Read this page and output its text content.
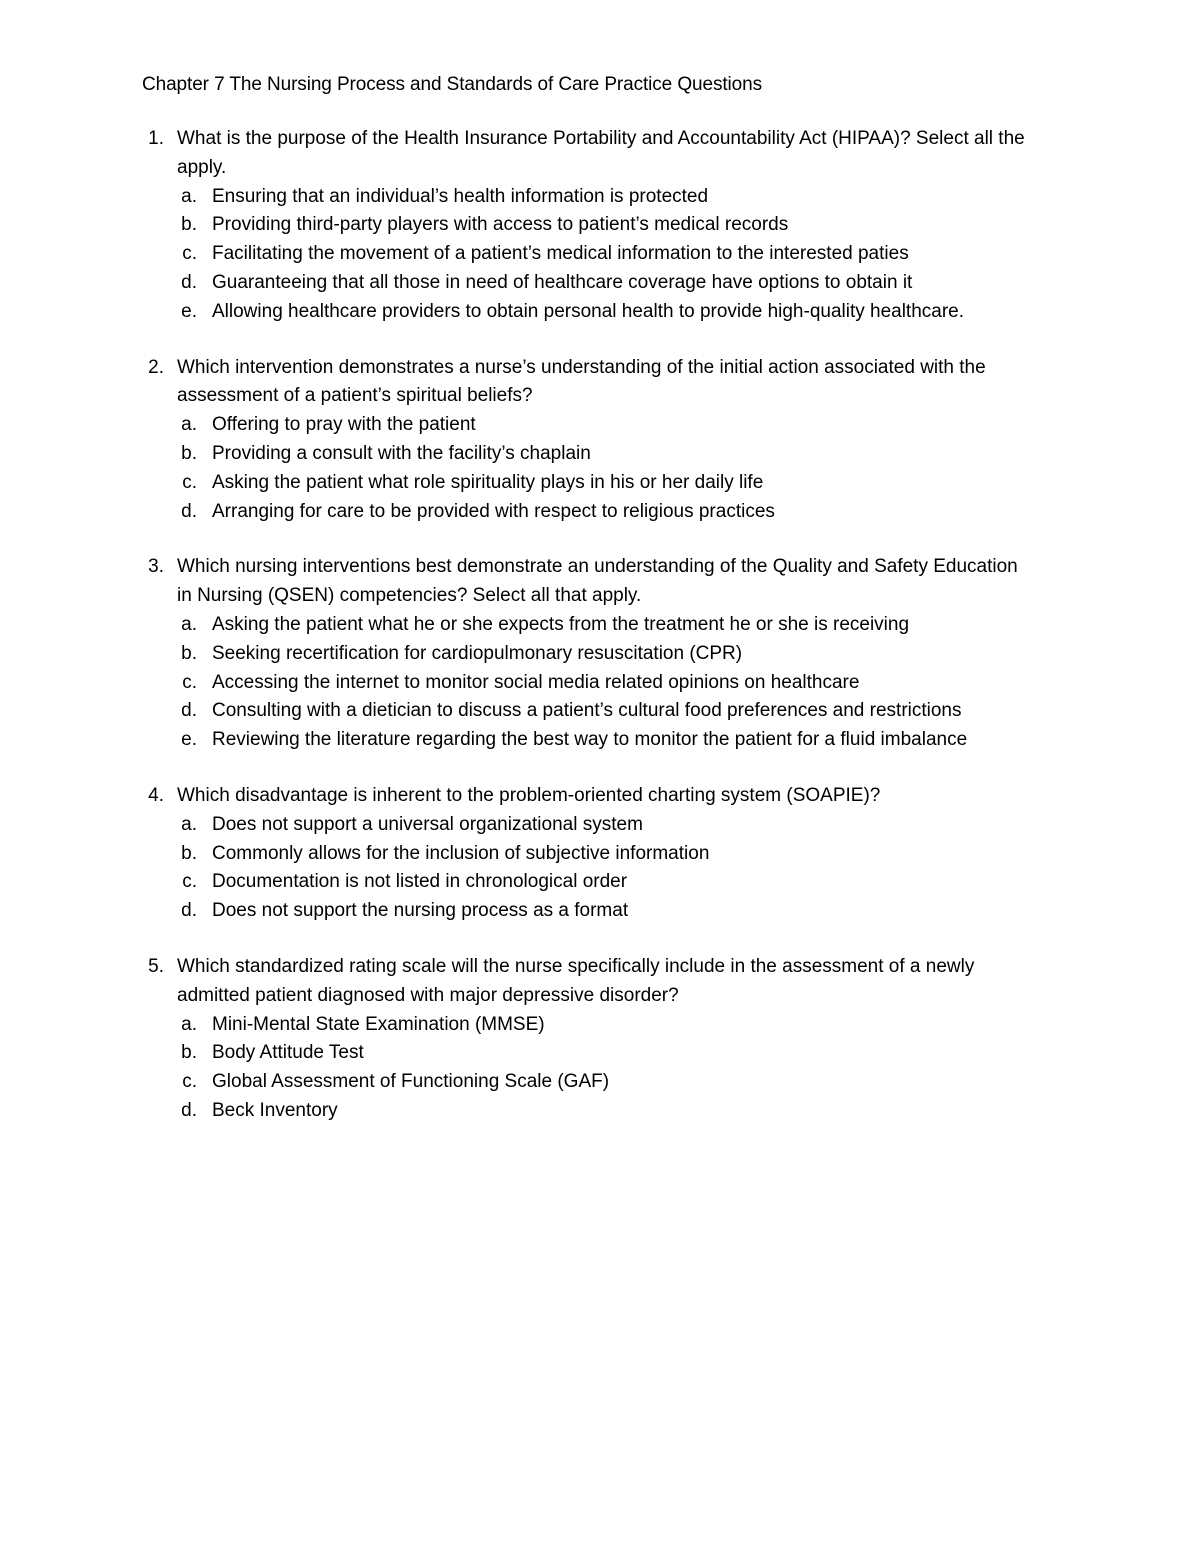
Chapter 7 The Nursing Process and Standards of Care Practice Questions
1. What is the purpose of the Health Insurance Portability and Accountability Act (HIPAA)? Select all the apply.
a. Ensuring that an individual’s health information is protected
b. Providing third-party players with access to patient’s medical records
c. Facilitating the movement of a patient’s medical information to the interested paties
d. Guaranteeing that all those in need of healthcare coverage have options to obtain it
e. Allowing healthcare providers to obtain personal health to provide high-quality healthcare.
2. Which intervention demonstrates a nurse’s understanding of the initial action associated with the assessment of a patient’s spiritual beliefs?
a. Offering to pray with the patient
b. Providing a consult with the facility’s chaplain
c. Asking the patient what role spirituality plays in his or her daily life
d. Arranging for care to be provided with respect to religious practices
3. Which nursing interventions best demonstrate an understanding of the Quality and Safety Education in Nursing (QSEN) competencies? Select all that apply.
a. Asking the patient what he or she expects from the treatment he or she is receiving
b. Seeking recertification for cardiopulmonary resuscitation (CPR)
c. Accessing the internet to monitor social media related opinions on healthcare
d. Consulting with a dietician to discuss a patient’s cultural food preferences and restrictions
e. Reviewing the literature regarding the best way to monitor the patient for a fluid imbalance
4. Which disadvantage is inherent to the problem-oriented charting system (SOAPIE)?
a. Does not support a universal organizational system
b. Commonly allows for the inclusion of subjective information
c. Documentation is not listed in chronological order
d. Does not support the nursing process as a format
5. Which standardized rating scale will the nurse specifically include in the assessment of a newly admitted patient diagnosed with major depressive disorder?
a. Mini-Mental State Examination (MMSE)
b. Body Attitude Test
c. Global Assessment of Functioning Scale (GAF)
d. Beck Inventory
